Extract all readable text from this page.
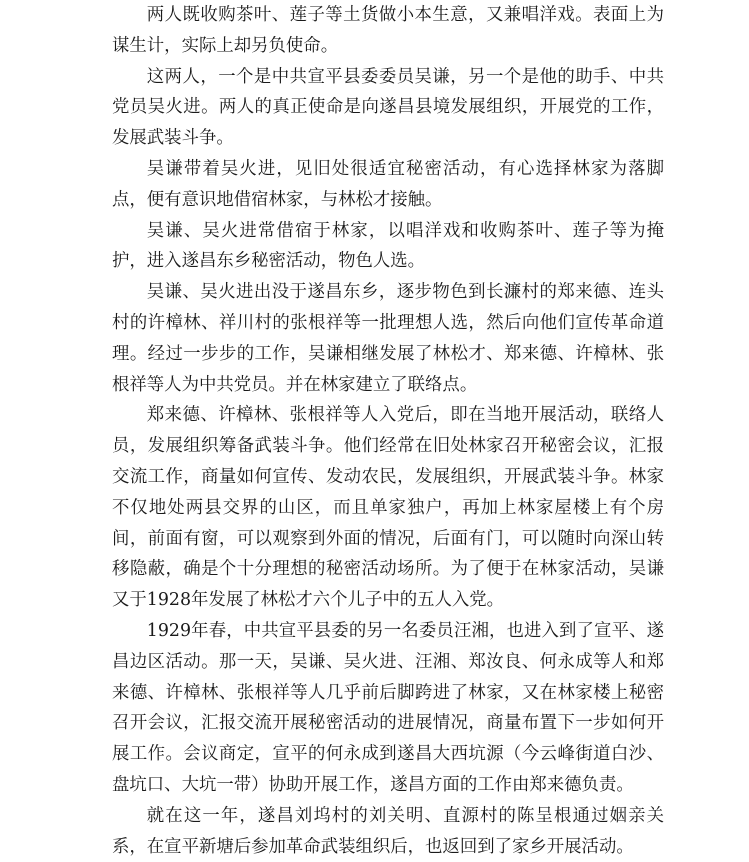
两人既收购茶叶、莲子等土货做小本生意，又兼唱洋戏。表面上为谋生计，实际上却另负使命。

这两人，一个是中共宣平县委委员吴谦，另一个是他的助手、中共党员吴火进。两人的真正使命是向遂昌县境发展组织，开展党的工作，发展武装斗争。

吴谦带着吴火进，见旧处很适宜秘密活动，有心选择林家为落脚点，便有意识地借宿林家，与林松才接触。

吴谦、吴火进常借宿于林家，以唱洋戏和收购茶叶、莲子等为掩护，进入遂昌东乡秘密活动，物色人选。

吴谦、吴火进出没于遂昌东乡，逐步物色到长濂村的郑来德、连头村的许樟林、祥川村的张根祥等一批理想人选，然后向他们宣传革命道理。经过一步步的工作，吴谦相继发展了林松才、郑来德、许樟林、张根祥等人为中共党员。并在林家建立了联络点。

郑来德、许樟林、张根祥等人入党后，即在当地开展活动，联络人员，发展组织筹备武装斗争。他们经常在旧处林家召开秘密会议，汇报交流工作，商量如何宣传、发动农民，发展组织，开展武装斗争。林家不仅地处两县交界的山区，而且单家独户，再加上林家屋楼上有个房间，前面有窗，可以观察到外面的情况，后面有门，可以随时向深山转移隐蔽，确是个十分理想的秘密活动场所。为了便于在林家活动，吴谦又于1928年发展了林松才六个儿子中的五人入党。

1929年春，中共宣平县委的另一名委员汪湘，也进入到了宣平、遂昌边区活动。那一天，吴谦、吴火进、汪湘、郑汝良、何永成等人和郑来德、许樟林、张根祥等人几乎前后脚跨进了林家，又在林家楼上秘密召开会议，汇报交流开展秘密活动的进展情况，商量布置下一步如何开展工作。会议商定，宣平的何永成到遂昌大西坑源（今云峰街道白沙、盘坑口、大坑一带）协助开展工作，遂昌方面的工作由郑来德负责。

就在这一年，遂昌刘坞村的刘关明、直源村的陈呈根通过姻亲关系，在宣平新塘后参加革命武装组织后，也返回到了家乡开展活动。
